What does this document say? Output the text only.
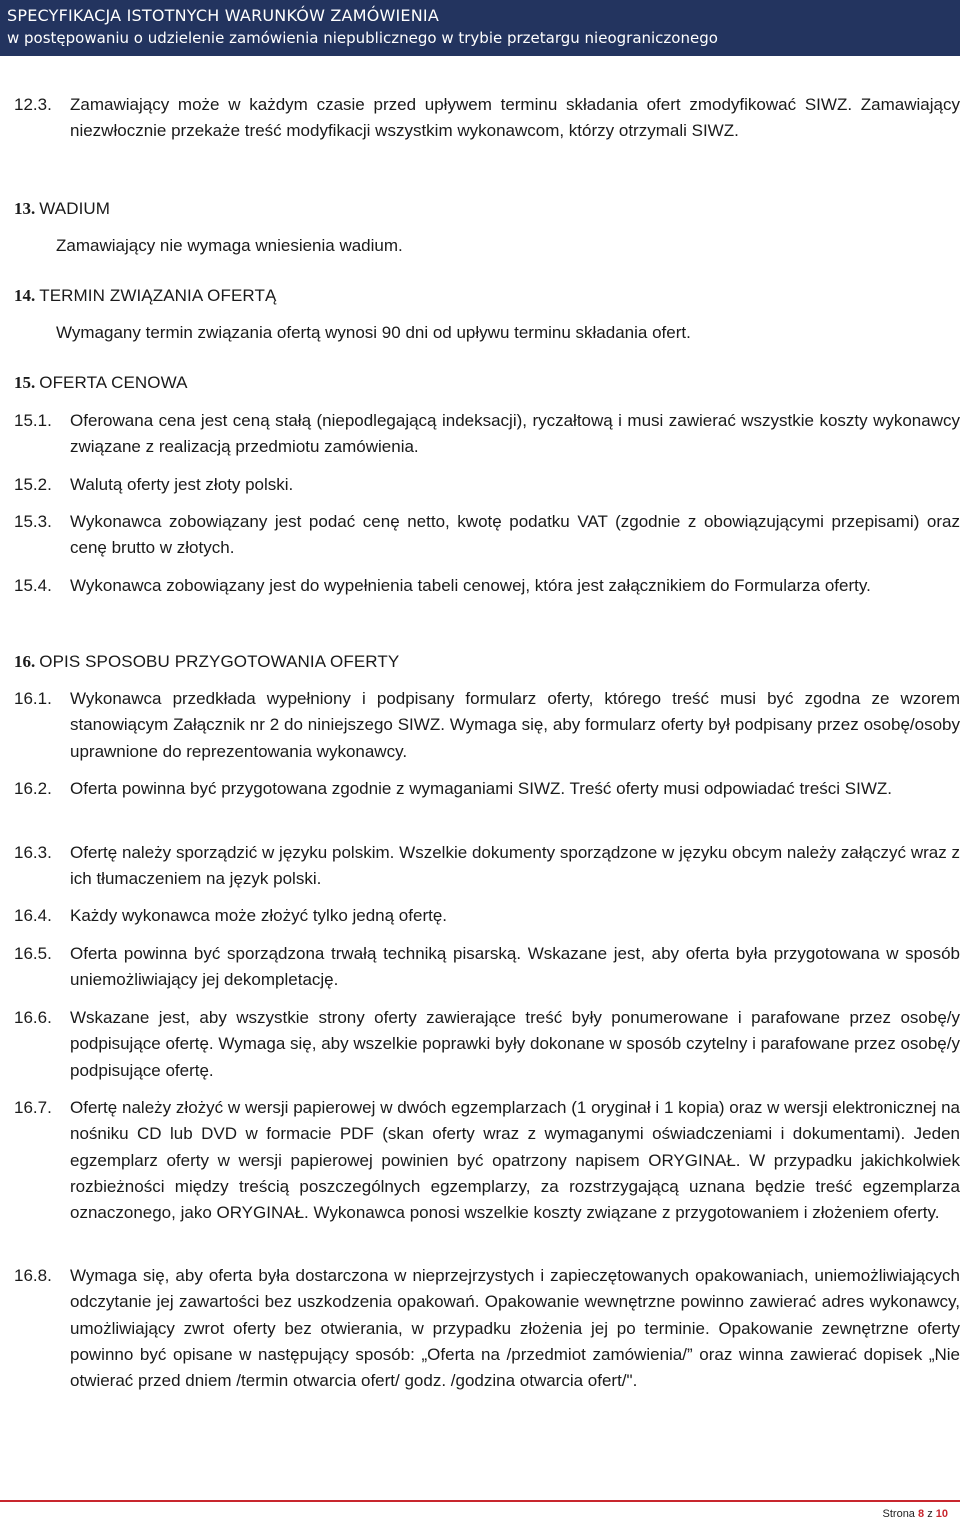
SPECYFIKACJA ISTOTNYCH WARUNKÓW ZAMÓWIENIA
w postępowaniu o udzielenie zamówienia niepublicznego w trybie przetargu nieograniczonego
12.3. Zamawiający może w każdym czasie przed upływem terminu składania ofert zmodyfikować SIWZ. Zamawiający niezwłocznie przekaże treść modyfikacji wszystkim wykonawcom, którzy otrzymali SIWZ.
13. WADIUM
Zamawiający nie wymaga wniesienia wadium.
14. TERMIN ZWIĄZANIA OFERTĄ
Wymagany termin związania ofertą wynosi 90 dni od upływu terminu składania ofert.
15. OFERTA CENOWA
15.1. Oferowana cena jest ceną stałą (niepodlegającą indeksacji), ryczałtową i musi zawierać wszystkie koszty wykonawcy związane z realizacją przedmiotu zamówienia.
15.2. Walutą oferty jest złoty polski.
15.3. Wykonawca zobowiązany jest podać cenę netto, kwotę podatku VAT (zgodnie z obowiązującymi przepisami) oraz cenę brutto w złotych.
15.4. Wykonawca zobowiązany jest do wypełnienia tabeli cenowej, która jest załącznikiem do Formularza oferty.
16. OPIS SPOSOBU PRZYGOTOWANIA OFERTY
16.1. Wykonawca przedkłada wypełniony i podpisany formularz oferty, którego treść musi być zgodna ze wzorem stanowiącym Załącznik nr 2 do niniejszego SIWZ. Wymaga się, aby formularz oferty był podpisany przez osobę/osoby uprawnione do reprezentowania wykonawcy.
16.2. Oferta powinna być przygotowana zgodnie z wymaganiami SIWZ. Treść oferty musi odpowiadać treści SIWZ.
16.3. Ofertę należy sporządzić w języku polskim. Wszelkie dokumenty sporządzone w języku obcym należy załączyć wraz z ich tłumaczeniem na język polski.
16.4. Każdy wykonawca może złożyć tylko jedną ofertę.
16.5. Oferta powinna być sporządzona trwałą techniką pisarską. Wskazane jest, aby oferta była przygotowana w sposób uniemożliwiający jej dekompletację.
16.6. Wskazane jest, aby wszystkie strony oferty zawierające treść były ponumerowane i parafowane przez osobę/y podpisujące ofertę. Wymaga się, aby wszelkie poprawki były dokonane w sposób czytelny i parafowane przez osobę/y podpisujące ofertę.
16.7. Ofertę należy złożyć w wersji papierowej w dwóch egzemplarzach (1 oryginał i 1 kopia) oraz w wersji elektronicznej na nośniku CD lub DVD w formacie PDF (skan oferty wraz z wymaganymi oświadczeniami i dokumentami). Jeden egzemplarz oferty w wersji papierowej powinien być opatrzony napisem ORYGINAŁ. W przypadku jakichkolwiek rozbieżności między treścią poszczególnych egzemplarzy, za rozstrzygającą uznana będzie treść egzemplarza oznaczonego, jako ORYGINAŁ. Wykonawca ponosi wszelkie koszty związane z przygotowaniem i złożeniem oferty.
16.8. Wymaga się, aby oferta była dostarczona w nieprzejrzystych i zapieczętowanych opakowaniach, uniemożliwiających odczytanie jej zawartości bez uszkodzenia opakowań. Opakowanie wewnętrzne powinno zawierać adres wykonawcy, umożliwiający zwrot oferty bez otwierania, w przypadku złożenia jej po terminie. Opakowanie zewnętrzne oferty powinno być opisane w następujący sposób: „Oferta na /przedmiot zamówienia/” oraz winna zawierać dopisek „Nie otwierać przed dniem /termin otwarcia ofert/ godz. /godzina otwarcia ofert/".
Strona 8 z 10
